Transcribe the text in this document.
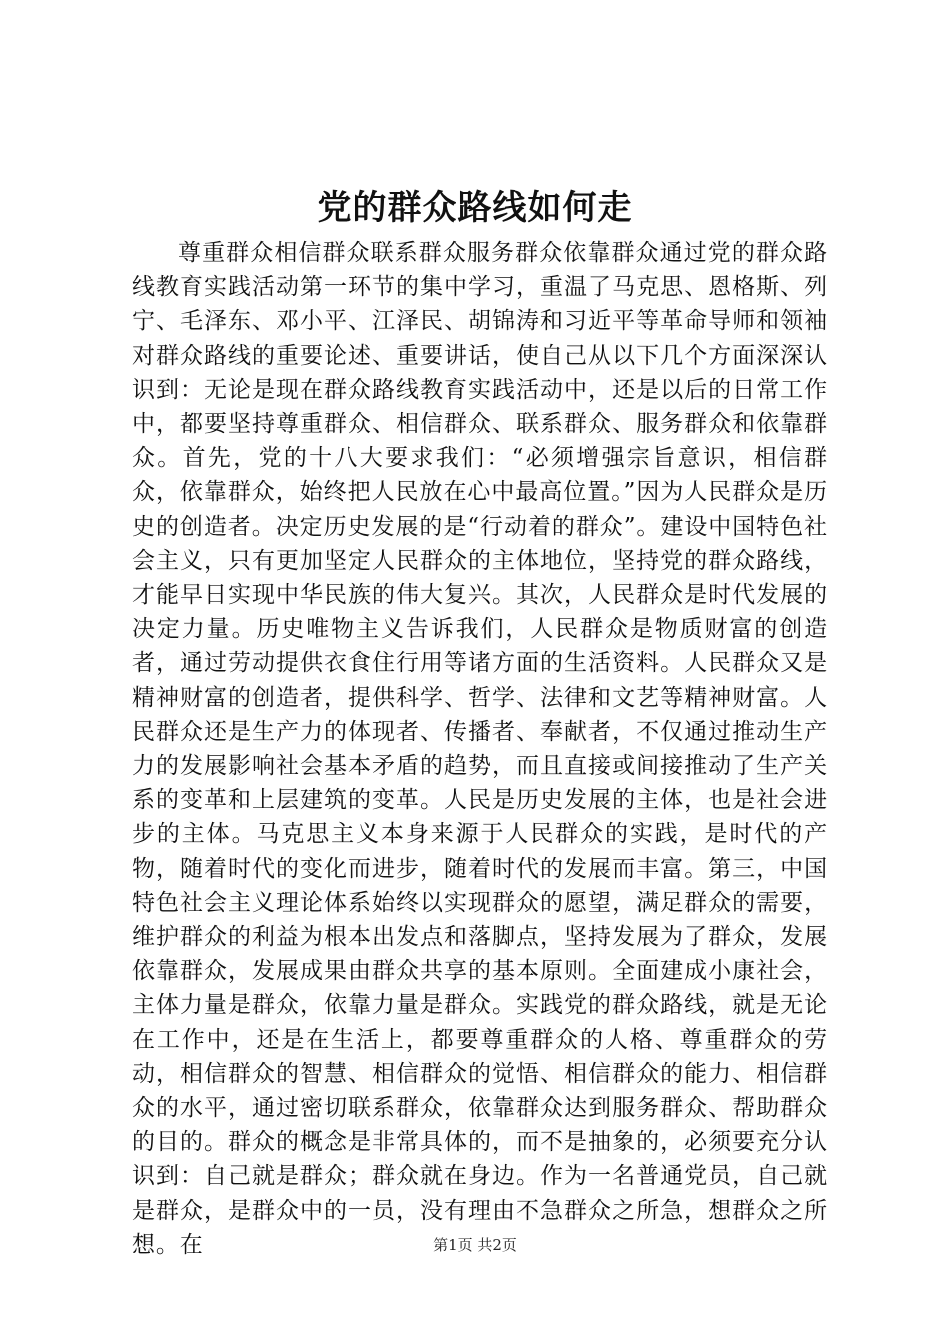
党的群众路线如何走

尊重群众相信群众联系群众服务群众依靠群众通过党的群众路线教育实践活动第一环节的集中学习，重温了马克思、恩格斯、列宁、毛泽东、邓小平、江泽民、胡锦涛和习近平等革命导师和领袖对群众路线的重要论述、重要讲话，使自己从以下几个方面深深认识到：无论是现在群众路线教育实践活动中，还是以后的日常工作中，都要坚持尊重群众、相信群众、联系群众、服务群众和依靠群众。首先，党的十八大要求我们：“必须增强宗旨意识，相信群众，依靠群众，始终把人民放在心中最高位置。”因为人民群众是历史的创造者。决定历史发展的是“行动着的群众”。建设中国特色社会主义，只有更加坚定人民群众的主体地位，坚持党的群众路线，才能早日实现中华民族的伟大复兴。其次，人民群众是时代发展的决定力量。历史唯物主义告诉我们，人民群众是物质财富的创造者，通过劳动提供衣食住行用等诸方面的生活资料。人民群众又是精神财富的创造者，提供科学、哲学、法律和文艺等精神财富。人民群众还是生产力的体现者、传播者、奉献者，不仅通过推动生产力的发展影响社会基本矛盾的趋势，而且直接或间接推动了生产关系的变革和上层建筑的变革。人民是历史发展的主体，也是社会进步的主体。马克思主义本身来源于人民群众的实践，是时代的产物，随着时代的变化而进步，随着时代的发展而丰富。第三，中国特色社会主义理论体系始终以实现群众的愿望，满足群众的需要，维护群众的利益为根本出发点和落脚点，坚持发展为了群众，发展依靠群众，发展成果由群众共享的基本原则。全面建成小康社会，主体力量是群众，依靠力量是群众。实践党的群众路线，就是无论在工作中，还是在生活上，都要尊重群众的人格、尊重群众的劳动，相信群众的智慧、相信群众的觉悟、相信群众的能力、相信群众的水平，通过密切联系群众，依靠群众达到服务群众、帮助群众的目的。群众的概念是非常具体的，而不是抽象的，必须要充分认识到：自己就是群众；群众就在身边。作为一名普通党员，自己就是群众，是群众中的一员，没有理由不急群众之所急，想群众之所想。在	第1页 共2页
